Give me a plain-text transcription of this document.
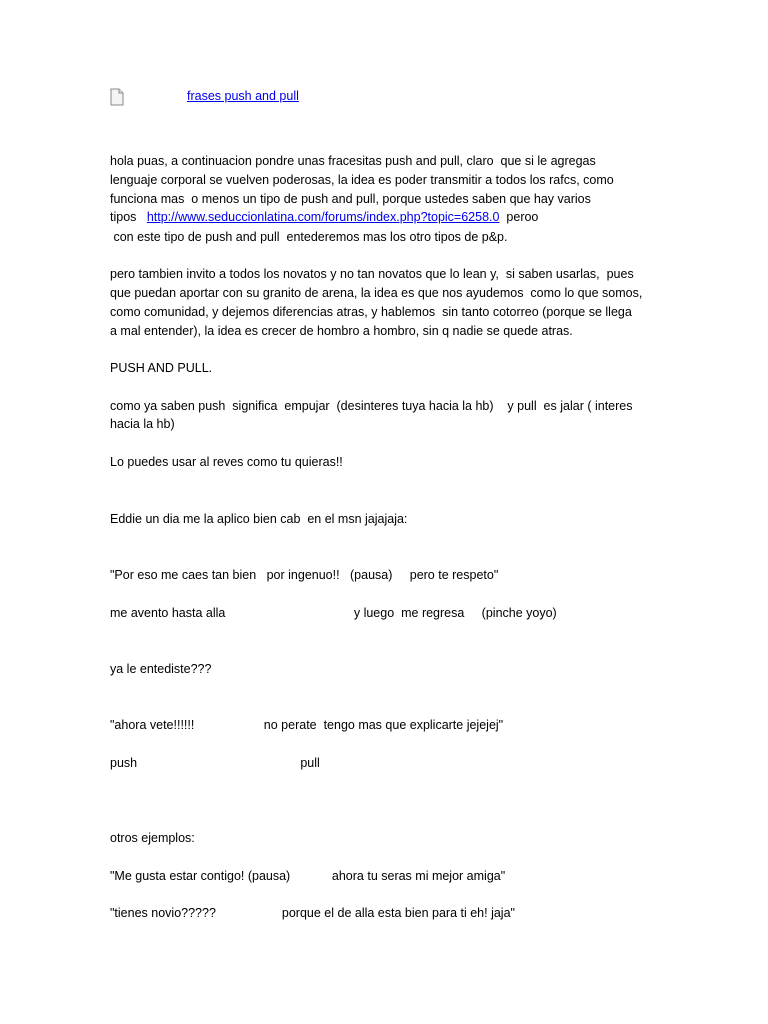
frases push and pull
hola puas, a continuacion pondre unas fracesitas push and pull, claro  que si le agregas
lenguaje corporal se vuelven poderosas, la idea es poder transmitir a todos los rafcs, como
funciona mas  o menos un tipo de push and pull, porque ustedes saben que hay varios
tipos   http://www.seduccionlatina.com/forums/index.php?topic=6258.0  peroo
con este tipo de push and pull  entederemos mas los otro tipos de p&p.
pero tambien invito a todos los novatos y no tan novatos que lo lean y,  si saben usarlas,  pues
que puedan aportar con su granito de arena, la idea es que nos ayudemos  como lo que somos,
como comunidad, y dejemos diferencias atras, y hablemos  sin tanto cotorreo (porque se llega
a mal entender), la idea es crecer de hombro a hombro, sin q nadie se quede atras.
PUSH AND PULL.
como ya saben push  significa  empujar  (desinteres tuya hacia la hb)    y pull  es jalar ( interes
hacia la hb)
Lo puedes usar al reves como tu quieras!!
Eddie un dia me la aplico bien cab  en el msn jajajaja:
"Por eso me caes tan bien   por ingenuo!!   (pausa)     pero te respeto"
me avento hasta alla                                     y luego  me regresa     (pinche yoyo)
ya le entediste???
"ahora vete!!!!!!                    no perate  tengo mas que explicarte jejejej"
push                                               pull
otros ejemplos:
"Me gusta estar contigo! (pausa)            ahora tu seras mi mejor amiga"
"tienes novio?????                   porque el de alla esta bien para ti eh! jaja"
